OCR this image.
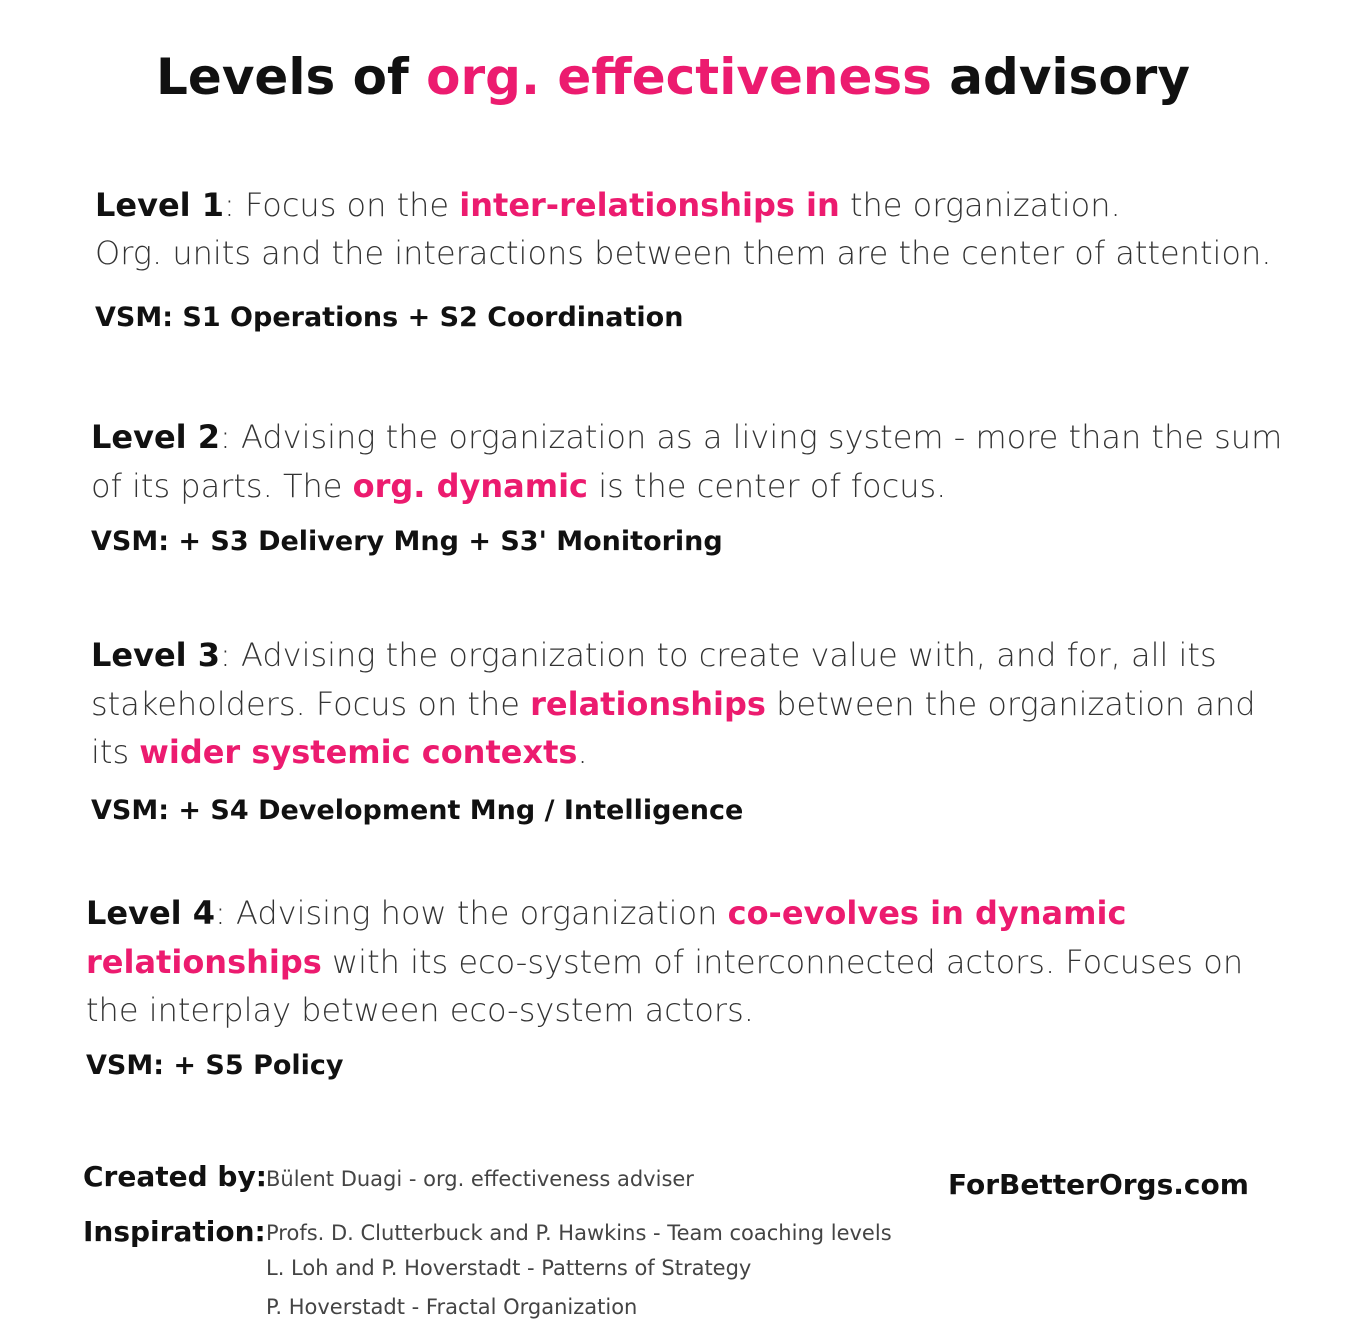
Levels of org. effectiveness advisory
Level 1: Focus on the inter-relationships in the organization.
Org. units and the interactions between them are the center of attention.
VSM: S1 Operations + S2 Coordination
Level 2: Advising the organization as a living system - more than the sum
of its parts. The org. dynamic is the center of focus.
VSM: + S3 Delivery Mng + S3' Monitoring
Level 3: Advising the organization to create value with, and for, all its
stakeholders. Focus on the relationships between the organization and
its wider systemic contexts.
VSM: + S4 Development Mng / Intelligence
Level 4: Advising how the organization co-evolves in dynamic
relationships with its eco-system of interconnected actors. Focuses on
the interplay between eco-system actors.
VSM: + S5 Policy
Created by: Bülent Duagi - org. effectiveness adviser
Inspiration: Profs. D. Clutterbuck and P. Hawkins - Team coaching levels
L. Loh and P. Hoverstadt - Patterns of Strategy
P. Hoverstadt - Fractal Organization
ForBetterOrgs.com
